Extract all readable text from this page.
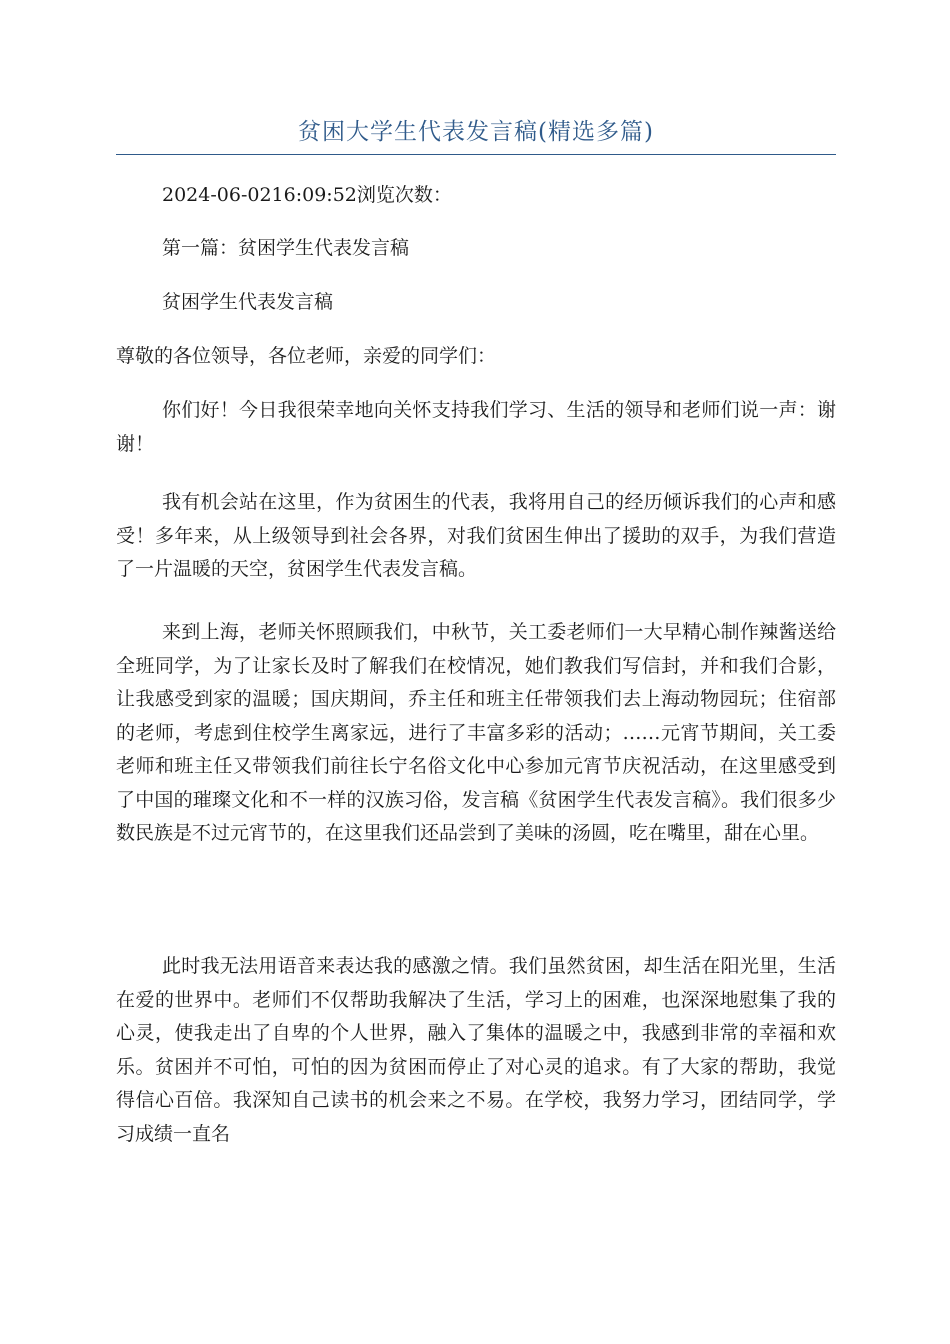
贫困大学生代表发言稿(精选多篇)
2024-06-0216:09:52浏览次数：

第一篇：贫困学生代表发言稿

贫困学生代表发言稿

尊敬的各位领导，各位老师，亲爱的同学们：

你们好！今日我很荣幸地向关怀支持我们学习、生活的领导和老师们说一声：谢谢！

我有机会站在这里，作为贫困生的代表，我将用自己的经历倾诉我们的心声和感受！多年来，从上级领导到社会各界，对我们贫困生伸出了援助的双手，为我们营造了一片温暖的天空，贫困学生代表发言稿。

来到上海，老师关怀照顾我们，中秋节，关工委老师们一大早精心制作辣酱送给全班同学，为了让家长及时了解我们在校情况，她们教我们写信封，并和我们合影，让我感受到家的温暖；国庆期间，乔主任和班主任带领我们去上海动物园玩；住宿部的老师，考虑到住校学生离家远，进行了丰富多彩的活动；……元宵节期间，关工委老师和班主任又带领我们前往长宁名俗文化中心参加元宵节庆祝活动，在这里感受到了中国的璀璨文化和不一样的汉族习俗，发言稿《贫困学生代表发言稿》。我们很多少数民族是不过元宵节的，在这里我们还品尝到了美味的汤圆，吃在嘴里，甜在心里。

此时我无法用语音来表达我的感激之情。我们虽然贫困，却生活在阳光里，生活在爱的世界中。老师们不仅帮助我解决了生活，学习上的困难，也深深地慰集了我的心灵，使我走出了自卑的个人世界，融入了集体的温暖之中，我感到非常的幸福和欢乐。贫困并不可怕，可怕的因为贫困而停止了对心灵的追求。有了大家的帮助，我觉得信心百倍。我深知自己读书的机会来之不易。在学校，我努力学习，团结同学，学习成绩一直名
